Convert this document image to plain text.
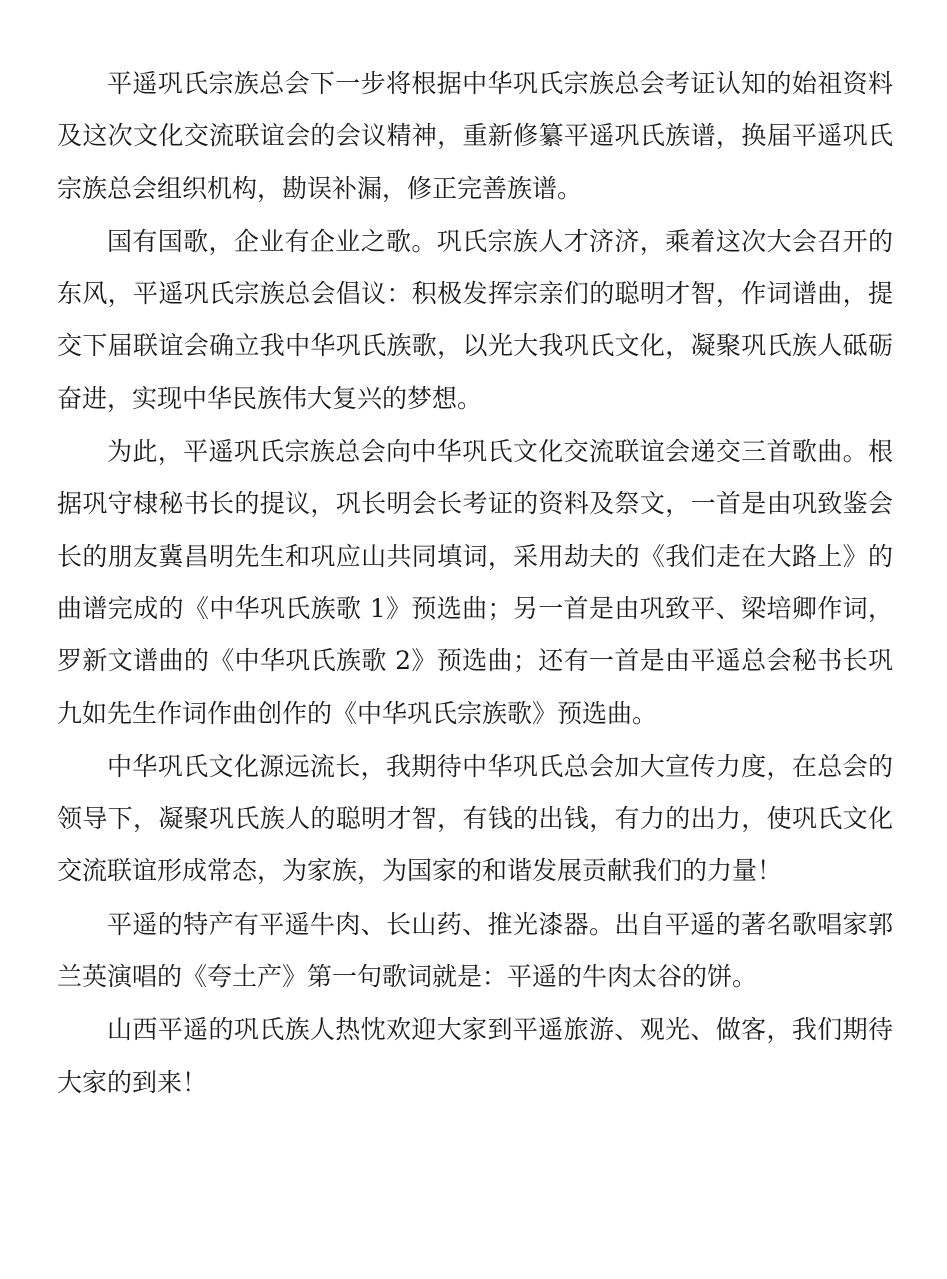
平遥巩氏宗族总会下一步将根据中华巩氏宗族总会考证认知的始祖资料及这次文化交流联谊会的会议精神，重新修纂平遥巩氏族谱，换届平遥巩氏宗族总会组织机构，勘误补漏，修正完善族谱。

国有国歌，企业有企业之歌。巩氏宗族人才济济，乘着这次大会召开的东风，平遥巩氏宗族总会倡议：积极发挥宗亲们的聪明才智，作词谱曲，提交下届联谊会确立我中华巩氏族歌，以光大我巩氏文化，凝聚巩氏族人砥砺奋进，实现中华民族伟大复兴的梦想。

为此，平遥巩氏宗族总会向中华巩氏文化交流联谊会递交三首歌曲。根据巩守棣秘书长的提议，巩长明会长考证的资料及祭文，一首是由巩致鉴会长的朋友冀昌明先生和巩应山共同填词，采用劫夫的《我们走在大路上》的曲谱完成的《中华巩氏族歌 1》预选曲；另一首是由巩致平、梁培卿作词，罗新文谱曲的《中华巩氏族歌 2》预选曲；还有一首是由平遥总会秘书长巩九如先生作词作曲创作的《中华巩氏宗族歌》预选曲。

中华巩氏文化源远流长，我期待中华巩氏总会加大宣传力度，在总会的领导下，凝聚巩氏族人的聪明才智，有钱的出钱，有力的出力，使巩氏文化交流联谊形成常态，为家族，为国家的和谐发展贡献我们的力量！

平遥的特产有平遥牛肉、长山药、推光漆器。出自平遥的著名歌唱家郭兰英演唱的《夸土产》第一句歌词就是：平遥的牛肉太谷的饼。

山西平遥的巩氏族人热忱欢迎大家到平遥旅游、观光、做客，我们期待大家的到来！
